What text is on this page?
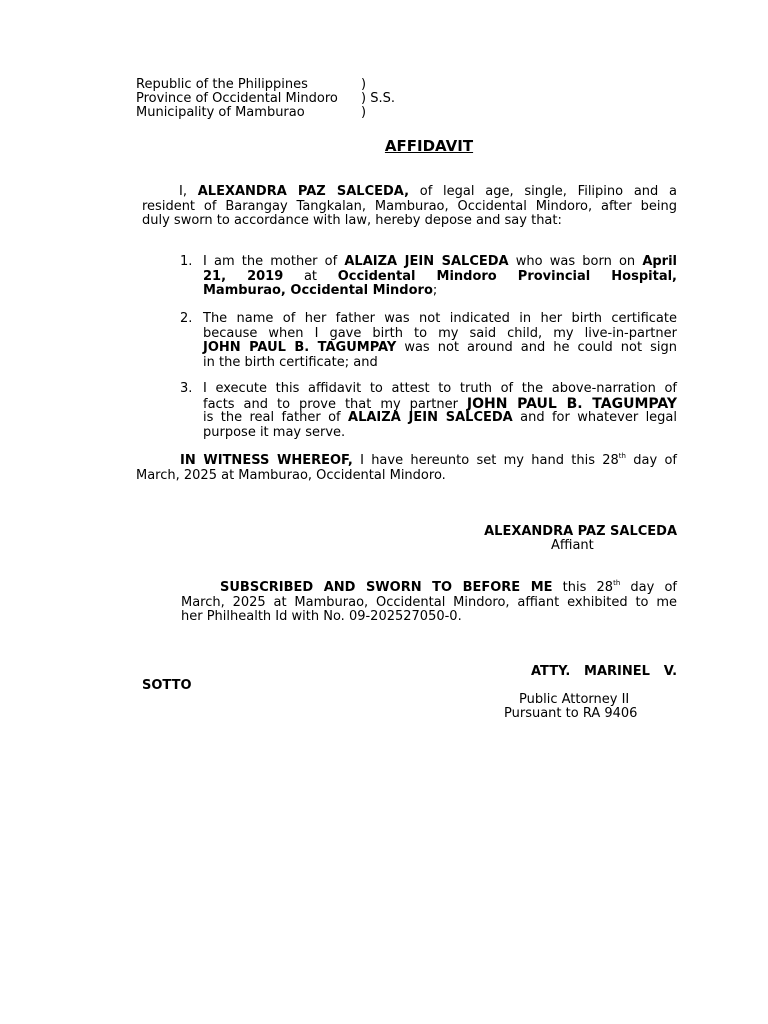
Republic of the Philippines	)
Province of Occidental Mindoro ) S.S.
Municipality of Mamburao	)
AFFIDAVIT
I, ALEXANDRA PAZ SALCEDA, of legal age, single, Filipino and a
resident of Barangay Tangkalan, Mamburao, Occidental Mindoro, after being
duly sworn to accordance with law, hereby depose and say that:
1. I am the mother of ALAIZA JEIN SALCEDA who was born on April
21, 2019 at Occidental Mindoro Provincial Hospital,
Mamburao, Occidental Mindoro;
2. The name of her father was not indicated in her birth certificate
because when I gave birth to my said child, my live-in-partner
JOHN PAUL B. TAGUMPAY was not around and he could not sign
in the birth certificate; and
3. I execute this affidavit to attest to truth of the above-narration of
facts and to prove that my partner JOHN PAUL B. TAGUMPAY
is the real father of ALAIZA JEIN SALCEDA and for whatever legal
purpose it may serve.
IN WITNESS WHEREOF, I have hereunto set my hand this 28th day of
March, 2025 at Mamburao, Occidental Mindoro.
ALEXANDRA PAZ SALCEDA
Affiant
SUBSCRIBED AND SWORN TO BEFORE ME this 28th day of
March, 2025 at Mamburao, Occidental Mindoro, affiant exhibited to me
her Philhealth Id with No. 09-202527050-0.
ATTY. MARINEL V.
SOTTO
Public Attorney II
Pursuant to RA 9406
